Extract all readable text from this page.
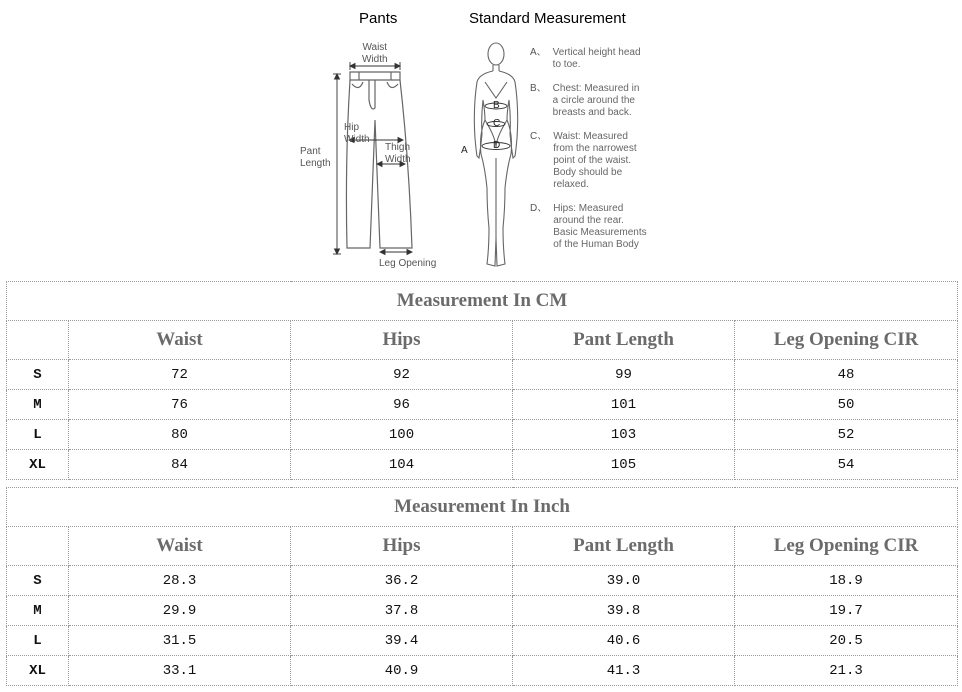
Pants	Standard Measurement
Waist
Width
Hip
Width
Pant
Length
Thigh
Width
Leg Opening
B
C
D
A
A、 Vertical height head
to toe.
B、 Chest: Measured in
a circle around the
breasts and back.
C、 Waist: Measured
from the narrowest
point of the waist.
Body should be
relaxed.
D、 Hips: Measured
around the rear.
Basic Measurements
of the Human Body
Measurement In CM				
	Waist	Hips	Pant Length	Leg Opening CIR
S	72	92	99	48
M	76	96	101	50
L	80	100	103	52
XL	84	104	105	54
Measurement In Inch				
	Waist	Hips	Pant Length	Leg Opening CIR
S	28.3	36.2	39.0	18.9
M	29.9	37.8	39.8	19.7
L	31.5	39.4	40.6	20.5
XL	33.1	40.9	41.3	21.3
